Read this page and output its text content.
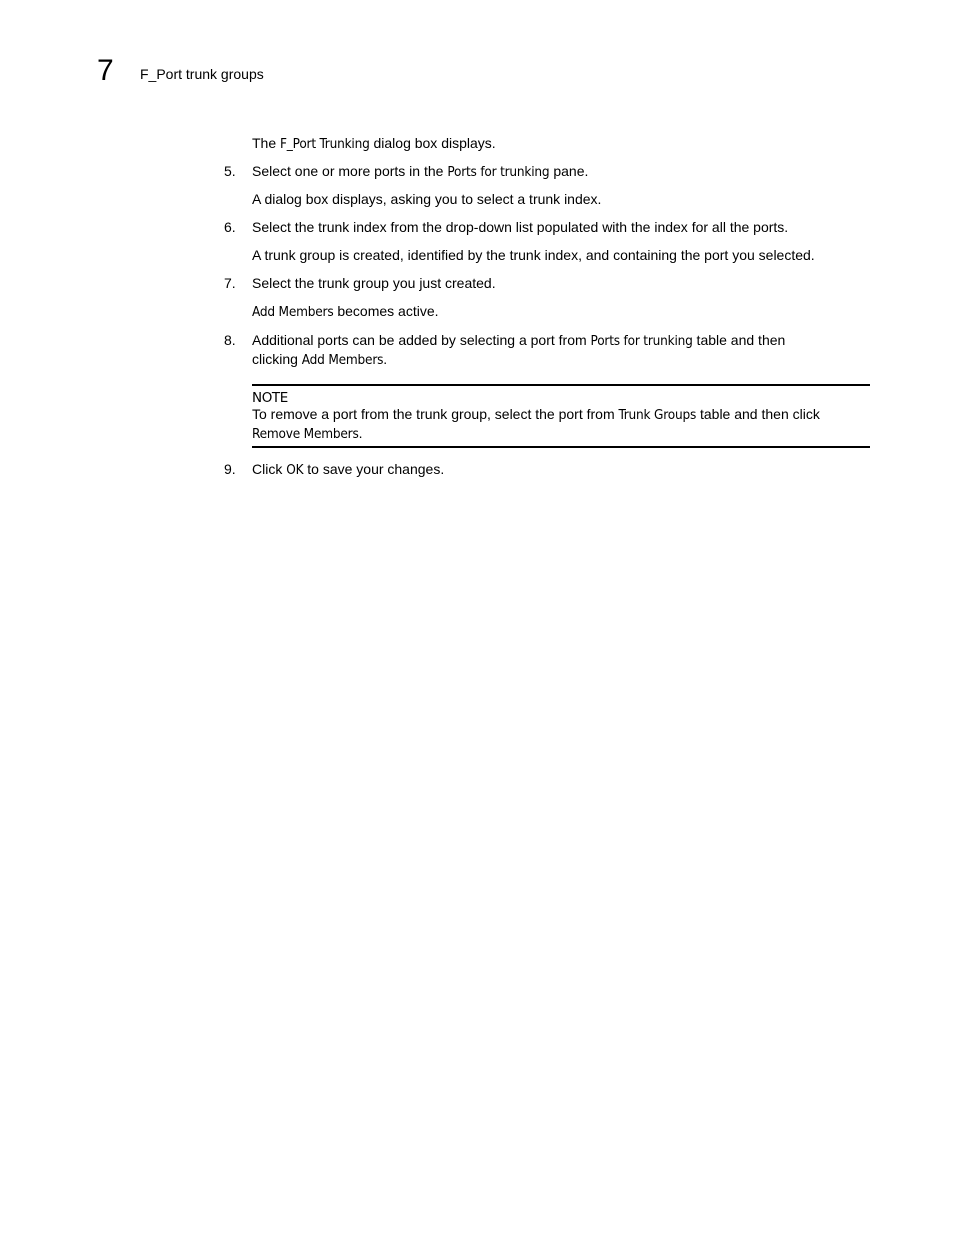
7 F_Port trunk groups
The F_Port Trunking dialog box displays.
5. Select one or more ports in the Ports for trunking pane.
A dialog box displays, asking you to select a trunk index.
6. Select the trunk index from the drop-down list populated with the index for all the ports.
A trunk group is created, identified by the trunk index, and containing the port you selected.
7. Select the trunk group you just created.
Add Members becomes active.
8. Additional ports can be added by selecting a port from Ports for trunking table and then
clicking Add Members.
NOTE
To remove a port from the trunk group, select the port from Trunk Groups table and then click
Remove Members.
9. Click OK to save your changes.
